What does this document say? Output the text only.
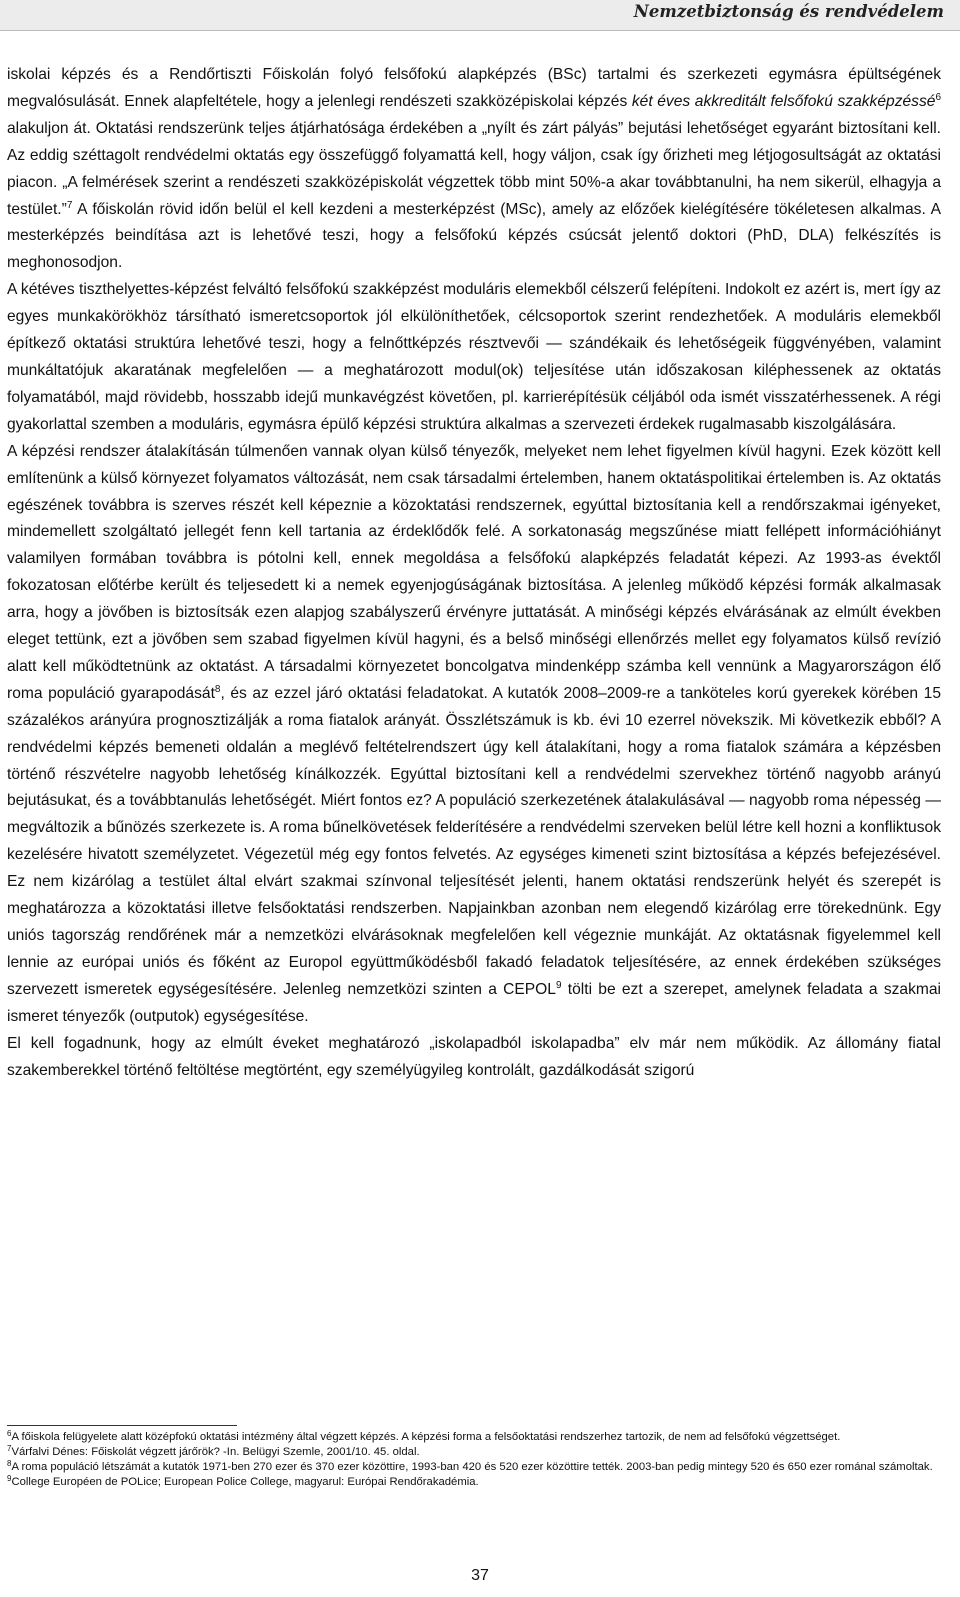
Nemzetbiztonság és rendvédelem

iskolai képzés és a Rendőrtiszti Főiskolán folyó felsőfokú alapképzés (BSc) tartalmi és szerkezeti egymásra épültségének megvalósulását. Ennek alapfeltétele, hogy a jelenlegi rendészeti szakközépiskolai képzés két éves akkreditált felsőfokú szakképzéssé$^6$ alakuljon át. Oktatási rendszerünk teljes átjárhatósága érdekében a „nyílt és zárt pályás” bejutási lehetőséget egyaránt biztosítani kell. Az eddig széttagolt rendvédelmi oktatás egy összefüggő folyamattá kell, hogy váljon, csak így őrizheti meg létjogosultságát az oktatási piacon. „A felmérések szerint a rendészeti szakközépiskolát végzettek több mint 50%-a akar továbbtanulni, ha nem sikerül, elhagyja a testület.”$^7$ A főiskolán rövid időn belül el kell kezdeni a mesterképzést (MSc), amely az előzőek kielégítésére tökéletesen alkalmas. A mesterképzés beindítása azt is lehetővé teszi, hogy a felsőfokú képzés csúcsát jelentő doktori (PhD, DLA) felkészítés is meghonosodjon.

A kétéves tiszthelyettes-képzést felváltó felsőfokú szakképzést moduláris elemekből célszerű felépíteni. Indokolt ez azért is, mert így az egyes munkakörökhöz társítható ismeretcsoportok jól elkülöníthetőek, célcsoportok szerint rendezhetőek. A moduláris elemekből építkező oktatási struktúra lehetővé teszi, hogy a felnőttképzés résztvevői — szándékaik és lehetőségeik függvényében, valamint munkáltatójuk akaratának megfelelően — a meghatározott modul(ok) teljesítése után időszakosan kiléphessenek az oktatás folyamatából, majd rövidebb, hosszabb idejű munkavégzést követően, pl. karrierépítésük céljából oda ismét visszatérhessenek. A régi gyakorlattal szemben a moduláris, egymásra épülő képzési struktúra alkalmas a szervezeti érdekek rugalmasabb kiszolgálására.

A képzési rendszer átalakításán túlmenően vannak olyan külső tényezők, melyeket nem lehet figyelmen kívül hagyni. Ezek között kell említenünk a külső környezet folyamatos változását, nem csak társadalmi értelemben, hanem oktatáspolitikai értelemben is. Az oktatás egészének továbbra is szerves részét kell képeznie a közoktatási rendszernek, egyúttal biztosítania kell a rendőrszakmai igényeket, mindemellett szolgáltató jellegét fenn kell tartania az érdeklődők felé. A sorkatonaság megszűnése miatt fellépett információhiányt valamilyen formában továbbra is pótolni kell, ennek megoldása a felsőfokú alapképzés feladatát képezi. Az 1993-as évektől fokozatosan előtérbe került és teljesedett ki a nemek egyenjogúságának biztosítása. A jelenleg működő képzési formák alkalmasak arra, hogy a jövőben is biztosítsák ezen alapjog szabályszerű érvényre juttatását. A minőségi képzés elvárásának az elmúlt években eleget tettünk, ezt a jövőben sem szabad figyelmen kívül hagyni, és a belső minőségi ellenőrzés mellet egy folyamatos külső revízió alatt kell működtetnünk az oktatást. A társadalmi környezetet boncolgatva mindenképp számba kell vennünk a Magyarországon élő roma populáció gyarapodását$^8$, és az ezzel járó oktatási feladatokat. A kutatók 2008–2009-re a tanköteles korú gyerekek körében 15 százalékos arányúra prognosztizálják a roma fiatalok arányát. Összlétszámuk is kb. évi 10 ezerrel növekszik. Mi következik ebből? A rendvédelmi képzés bemeneti oldalán a meglévő feltételrendszert úgy kell átalakítani, hogy a roma fiatalok számára a képzésben történő részvételre nagyobb lehetőség kínálkozzék. Egyúttal biztosítani kell a rendvédelmi szervekhez történő nagyobb arányú bejutásukat, és a továbbtanulás lehetőségét. Miért fontos ez? A populáció szerkezetének átalakulásával — nagyobb roma népesség — megváltozik a bűnözés szerkezete is. A roma bűnelkövetések felderítésére a rendvédelmi szerveken belül létre kell hozni a konfliktusok kezelésére hivatott személyzetet. Végezetül még egy fontos felvetés. Az egységes kimeneti szint biztosítása a képzés befejezésével. Ez nem kizárólag a testület által elvárt szakmai színvonal teljesítését jelenti, hanem oktatási rendszerünk helyét és szerepét is meghatározza a közoktatási illetve felsőoktatási rendszerben. Napjainkban azonban nem elegendő kizárólag erre törekednünk. Egy uniós tagország rendőrének már a nemzetközi elvárásoknak megfelelően kell végeznie munkáját. Az oktatásnak figyelemmel kell lennie az európai uniós és főként az Europol együttműködésből fakadó feladatok teljesítésére, az ennek érdekében szükséges szervezett ismeretek egységesítésére. Jelenleg nemzetközi szinten a CEPOL$^9$ tölti be ezt a szerepet, amelynek feladata a szakmai ismeret tényezők (outputok) egységesítése.

El kell fogadnunk, hogy az elmúlt éveket meghatározó „iskolapadból iskolapadba” elv már nem működik. Az állomány fiatal szakemberekkel történő feltöltése megtörtént, egy személyügyileg kontrolált, gazdálkodását szigorú

$^6$A főiskola felügyelete alatt középfokú oktatási intézmény által végzett képzés. A képzési forma a felsőoktatási rendszerhez tartozik, de nem ad felsőfokú végzettséget.

$^7$Várfalvi Dénes: Főiskolát végzett járőrök? -In. Belügyi Szemle, 2001/10. 45. oldal.

$^8$A roma populáció létszámát a kutatók 1971-ben 270 ezer és 370 ezer közöttire, 1993-ban 420 és 520 ezer közöttire tették. 2003-ban pedig mintegy 520 és 650 ezer románal számoltak.

$^9$College Européen de POLice; European Police College, magyarul: Európai Rendőrakadémia.

37
